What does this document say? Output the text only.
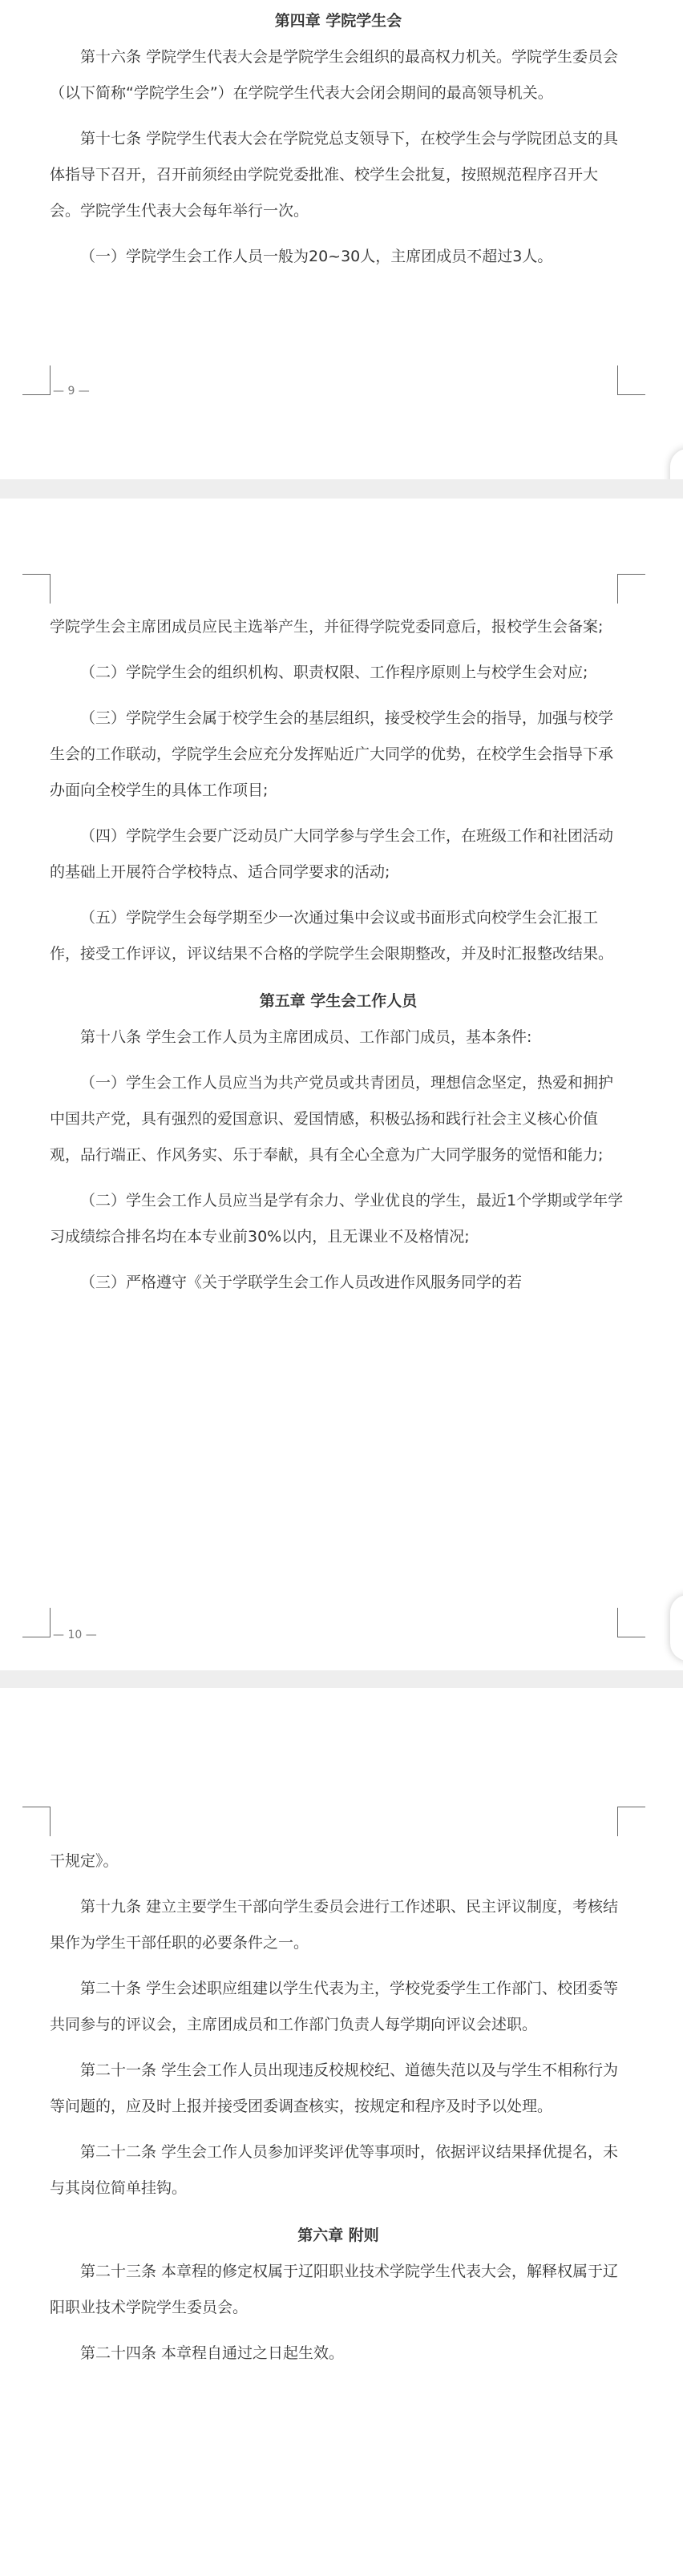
第四章 学院学生会

第十六条 学院学生代表大会是学院学生会组织的最高权力机关。学院学生委员会（以下简称“学院学生会”）在学院学生代表大会闭会期间的最高领导机关。

第十七条 学院学生代表大会在学院党总支领导下，在校学生会与学院团总支的具体指导下召开，召开前须经由学院党委批准、校学生会批复，按照规范程序召开大会。学院学生代表大会每年举行一次。

（一）学院学生会工作人员一般为20~30人，主席团成员不超过3人。

— 9 —

学院学生会主席团成员应民主选举产生，并征得学院党委同意后，报校学生会备案;

（二）学院学生会的组织机构、职责权限、工作程序原则上与校学生会对应;

（三）学院学生会属于校学生会的基层组织，接受校学生会的指导，加强与校学生会的工作联动，学院学生会应充分发挥贴近广大同学的优势，在校学生会指导下承办面向全校学生的具体工作项目;

（四）学院学生会要广泛动员广大同学参与学生会工作，在班级工作和社团活动的基础上开展符合学校特点、适合同学要求的活动;

（五）学院学生会每学期至少一次通过集中会议或书面形式向校学生会汇报工作，接受工作评议，评议结果不合格的学院学生会限期整改，并及时汇报整改结果。

第五章 学生会工作人员

第十八条 学生会工作人员为主席团成员、工作部门成员，基本条件:

（一）学生会工作人员应当为共产党员或共青团员，理想信念坚定，热爱和拥护中国共产党，具有强烈的爱国意识、爱国情感，积极弘扬和践行社会主义核心价值观，品行端正、作风务实、乐于奉献，具有全心全意为广大同学服务的觉悟和能力;

（二）学生会工作人员应当是学有余力、学业优良的学生，最近1个学期或学年学习成绩综合排名均在本专业前30%以内，且无课业不及格情况;

（三）严格遵守《关于学联学生会工作人员改进作风服务同学的若

— 10 —

干规定》。

第十九条 建立主要学生干部向学生委员会进行工作述职、民主评议制度，考核结果作为学生干部任职的必要条件之一。

第二十条 学生会述职应组建以学生代表为主，学校党委学生工作部门、校团委等共同参与的评议会，主席团成员和工作部门负责人每学期向评议会述职。

第二十一条 学生会工作人员出现违反校规校纪、道德失范以及与学生不相称行为等问题的，应及时上报并接受团委调查核实，按规定和程序及时予以处理。

第二十二条 学生会工作人员参加评奖评优等事项时，依据评议结果择优提名，未与其岗位简单挂钩。

第六章 附则

第二十三条 本章程的修定权属于辽阳职业技术学院学生代表大会，解释权属于辽阳职业技术学院学生委员会。

第二十四条 本章程自通过之日起生效。
